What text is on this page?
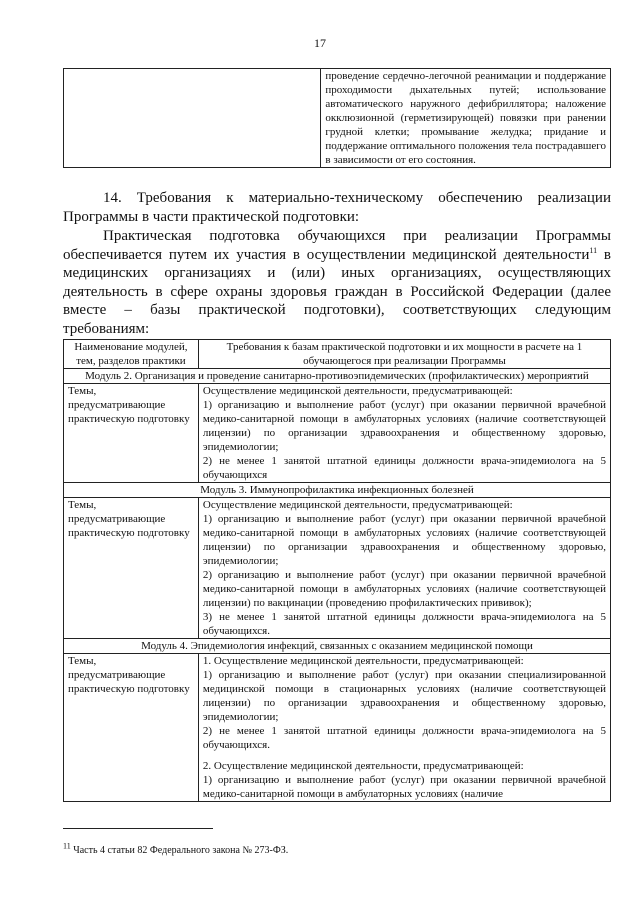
17
	проведение сердечно-легочной реанимации и поддержание проходимости дыхательных путей; использование автоматического наружного дефибриллятора; наложение окклюзионной (герметизирующей) повязки при ранении грудной клетки; промывание желудка; придание и поддержание оптимального положения тела пострадавшего в зависимости от его состояния.

14. Требования к материально-техническому обеспечению реализации Программы в части практической подготовки:

Практическая подготовка обучающихся при реализации Программы обеспечивается путем их участия в осуществлении медицинской деятельности$^{11}$ в медицинских организациях и (или) иных организациях, осуществляющих деятельность в сфере охраны здоровья граждан в Российской Федерации (далее вместе – базы практической подготовки), соответствующих следующим требованиям:

Наименование модулей, тем, разделов практики	Требования к базам практической подготовки и их мощности в расчете на 1 обучающегося при реализации Программы
Модуль 2. Организация и проведение санитарно-противоэпидемических (профилактических) мероприятий	
Темы, предусматривающие практическую подготовку	Осуществление медицинской деятельности, предусматривающей:
1) организацию и выполнение работ (услуг) при оказании первичной врачебной медико-санитарной помощи в амбулаторных условиях (наличие соответствующей лицензии) по организации здравоохранения и общественному здоровью, эпидемиологии;
2) не менее 1 занятой штатной единицы должности врача-эпидемиолога на 5 обучающихся

Модуль 3. Иммунопрофилактика инфекционных болезней	
Темы, предусматривающие практическую подготовку	Осуществление медицинской деятельности, предусматривающей:
1) организацию и выполнение работ (услуг) при оказании первичной врачебной медико-санитарной помощи в амбулаторных условиях (наличие соответствующей лицензии) по организации здравоохранения и общественному здоровью, эпидемиологии;
2) организацию и выполнение работ (услуг) при оказании первичной врачебной медико-санитарной помощи в амбулаторных условиях (наличие соответствующей лицензии) по вакцинации (проведению профилактических прививок);
3) не менее 1 занятой штатной единицы должности врача-эпидемиолога на 5 обучающихся.

Модуль 4. Эпидемиология инфекций, связанных с оказанием медицинской помощи	
Темы, предусматривающие практическую подготовку	1. Осуществление медицинской деятельности, предусматривающей:
1) организацию и выполнение работ (услуг) при оказании специализированной медицинской помощи в стационарных условиях (наличие соответствующей лицензии) по организации здравоохранения и общественному здоровью, эпидемиологии;
2) не менее 1 занятой штатной единицы должности врача-эпидемиолога на 5 обучающихся.
2. Осуществление медицинской деятельности, предусматривающей:
1) организацию и выполнение работ (услуг) при оказании первичной врачебной медико-санитарной помощи в амбулаторных условиях (наличие
$^{11}$ Часть 4 статьи 82 Федерального закона № 273-ФЗ.
